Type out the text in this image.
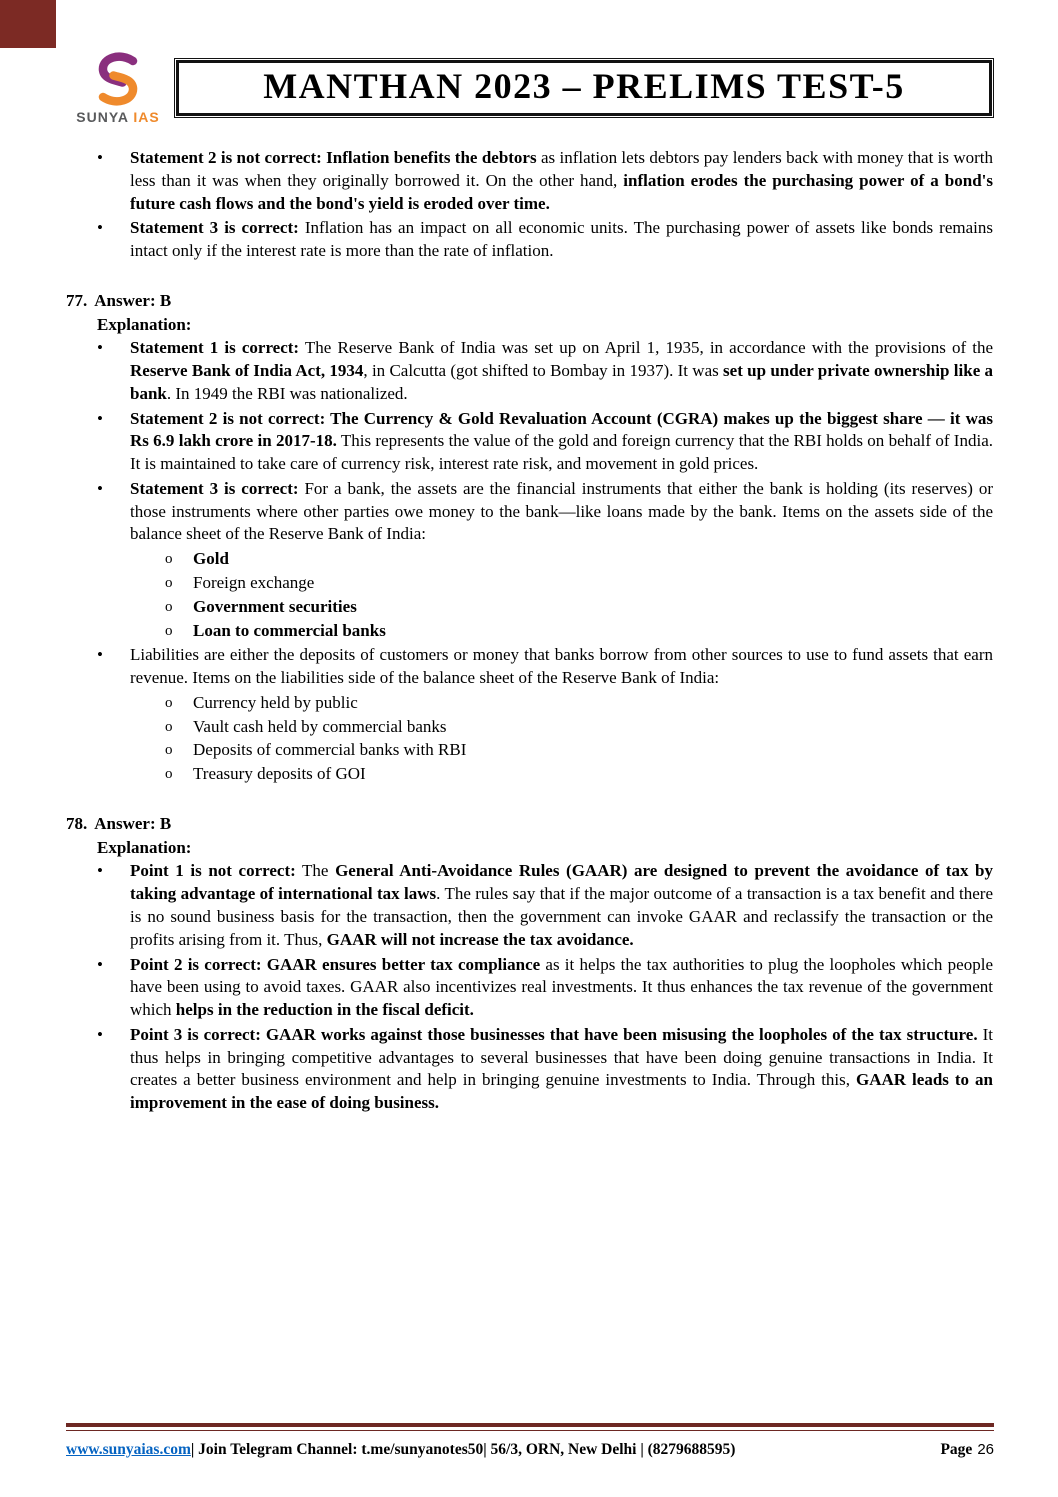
SUNYA IAS
MANTHAN 2023 – PRELIMS TEST-5
•	Statement 2 is not correct: Inflation benefits the debtors as inflation lets debtors pay lenders back with money that is worth less than it was when they originally borrowed it. On the other hand, inflation erodes the purchasing power of a bond's future cash flows and the bond's yield is eroded over time.
•	Statement 3 is correct: Inflation has an impact on all economic units. The purchasing power of assets like bonds remains intact only if the interest rate is more than the rate of inflation.
77. Answer: B
Explanation:
•	Statement 1 is correct: The Reserve Bank of India was set up on April 1, 1935, in accordance with the provisions of the Reserve Bank of India Act, 1934, in Calcutta (got shifted to Bombay in 1937). It was set up under private ownership like a bank. In 1949 the RBI was nationalized.
•	Statement 2 is not correct: The Currency & Gold Revaluation Account (CGRA) makes up the biggest share — it was Rs 6.9 lakh crore in 2017-18. This represents the value of the gold and foreign currency that the RBI holds on behalf of India. It is maintained to take care of currency risk, interest rate risk, and movement in gold prices.
•	Statement 3 is correct: For a bank, the assets are the financial instruments that either the bank is holding (its reserves) or those instruments where other parties owe money to the bank—like loans made by the bank. Items on the assets side of the balance sheet of the Reserve Bank of India:
o	Gold
o	Foreign exchange
o	Government securities
o	Loan to commercial banks
•	Liabilities are either the deposits of customers or money that banks borrow from other sources to use to fund assets that earn revenue. Items on the liabilities side of the balance sheet of the Reserve Bank of India:
o	Currency held by public
o	Vault cash held by commercial banks
o	Deposits of commercial banks with RBI
o	Treasury deposits of GOI
78. Answer: B
Explanation:
•	Point 1 is not correct: The General Anti-Avoidance Rules (GAAR) are designed to prevent the avoidance of tax by taking advantage of international tax laws. The rules say that if the major outcome of a transaction is a tax benefit and there is no sound business basis for the transaction, then the government can invoke GAAR and reclassify the transaction or the profits arising from it. Thus, GAAR will not increase the tax avoidance.
•	Point 2 is correct: GAAR ensures better tax compliance as it helps the tax authorities to plug the loopholes which people have been using to avoid taxes. GAAR also incentivizes real investments. It thus enhances the tax revenue of the government which helps in the reduction in the fiscal deficit.
•	Point 3 is correct: GAAR works against those businesses that have been misusing the loopholes of the tax structure. It thus helps in bringing competitive advantages to several businesses that have been doing genuine transactions in India. It creates a better business environment and help in bringing genuine investments to India. Through this, GAAR leads to an improvement in the ease of doing business.
www.sunyaias.com| Join Telegram Channel: t.me/sunyanotes50| 56/3, ORN, New Delhi | (8279688595)	Page 26
